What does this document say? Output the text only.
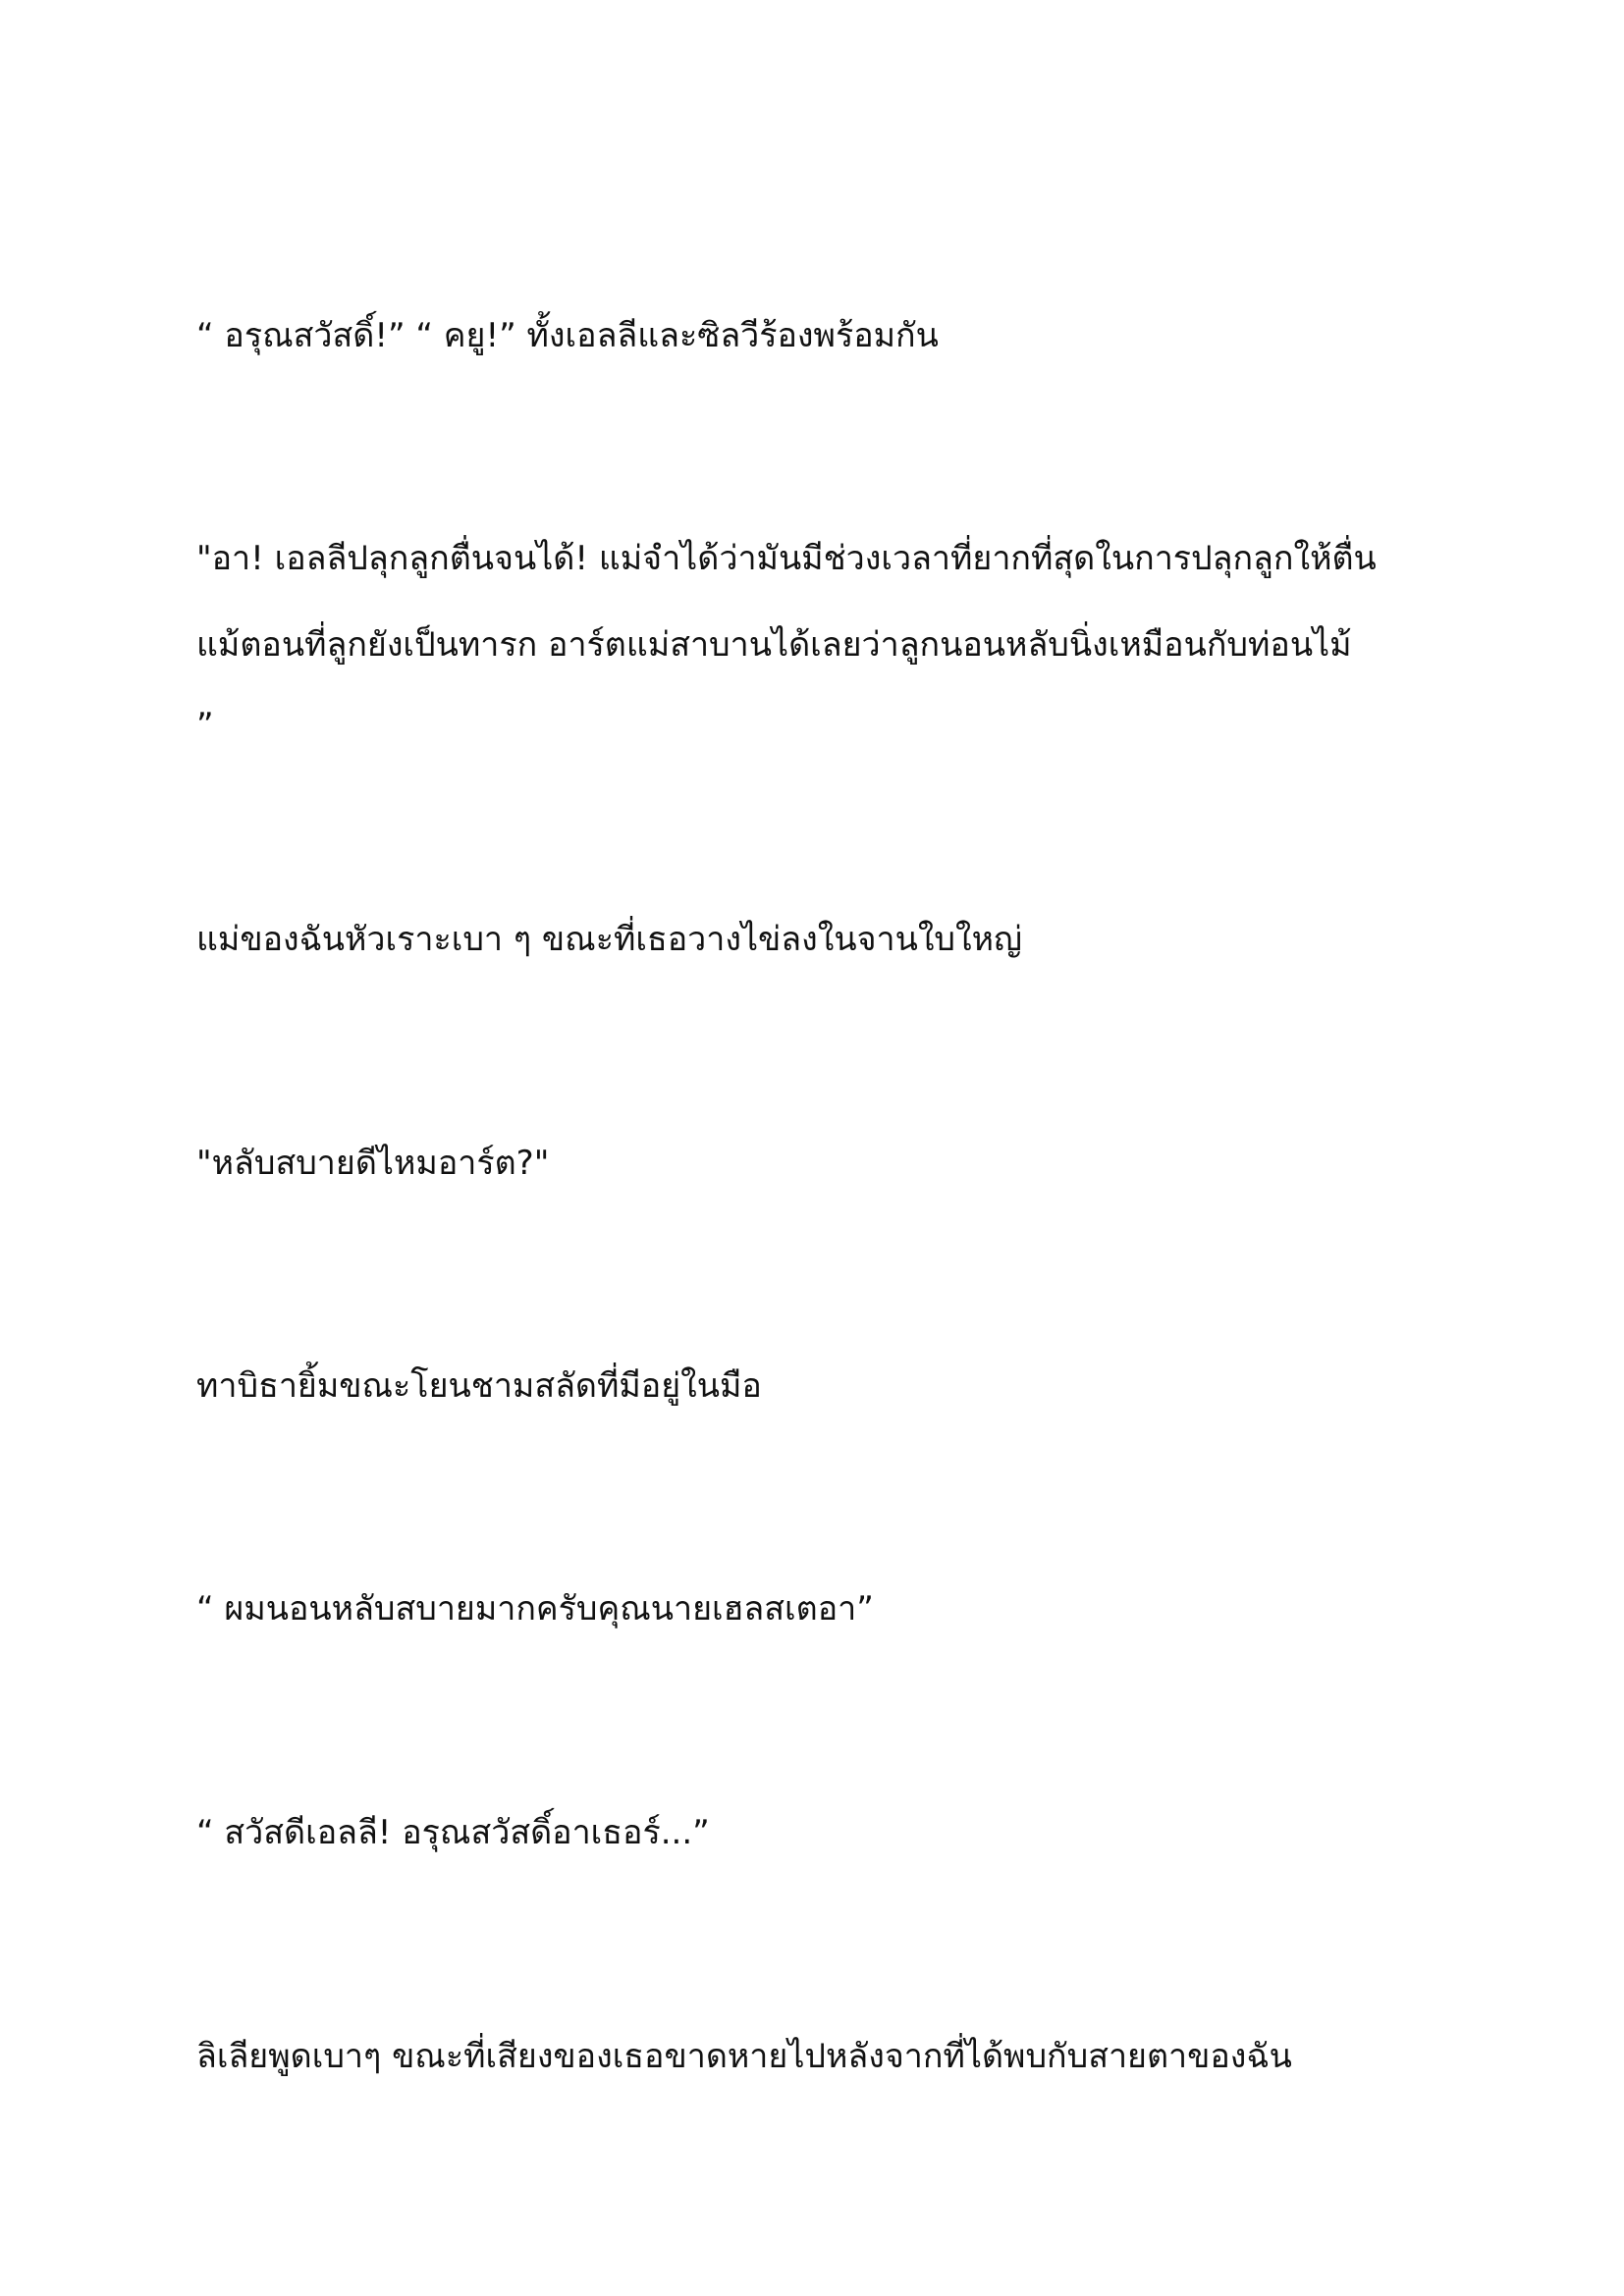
“ อรุณสวัสดิ์!” “ คยู!” ทั้งเอลลีและซิลวีร้องพร้อมกัน

"อา! เอลลีปลุกลูกตื่นจนได้! แม่จำได้ว่ามันมีช่วงเวลาที่ยากที่สุดในการปลุกลูกให้ตื่น

แม้ตอนที่ลูกยังเป็นทารก อาร์ตแม่สาบานได้เลยว่าลูกนอนหลับนิ่งเหมือนกับท่อนไม้

”

แม่ของฉันหัวเราะเบา ๆ ขณะที่เธอวางไข่ลงในจานใบใหญ่

"หลับสบายดีไหมอาร์ต?"

ทาบิธายิ้มขณะโยนชามสลัดที่มีอยู่ในมือ

“ ผมนอนหลับสบายมากครับคุณนายเฮลสเตอา”

“ สวัสดีเอลลี! อรุณสวัสดิ์อาเธอร์...”

ลิเลียพูดเบาๆ ขณะที่เสียงของเธอขาดหายไปหลังจากที่ได้พบกับสายตาของฉัน
